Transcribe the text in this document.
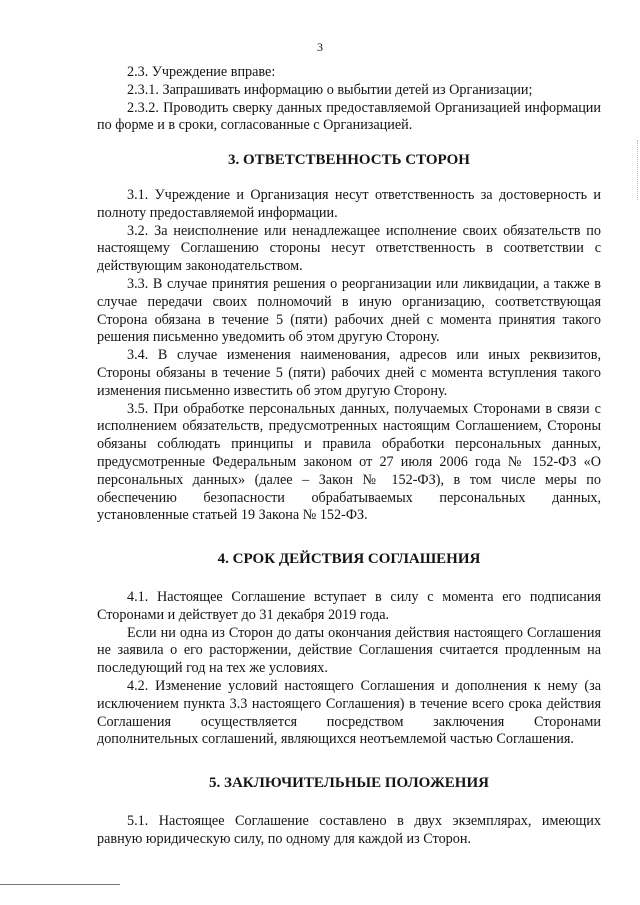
3

2.3. Учреждение вправе:

2.3.1. Запрашивать информацию о выбытии детей из Организации;

2.3.2. Проводить сверку данных предоставляемой Организацией информации по форме и в сроки, согласованные с Организацией.

3. ОТВЕТСТВЕННОСТЬ СТОРОН

3.1. Учреждение и Организация несут ответственность за достоверность и полноту предоставляемой информации.

3.2. За неисполнение или ненадлежащее исполнение своих обязательств по настоящему Соглашению стороны несут ответственность в соответствии с действующим законодательством.

3.3. В случае принятия решения о реорганизации или ликвидации, а также в случае передачи своих полномочий в иную организацию, соответствующая Сторона обязана в течение 5 (пяти) рабочих дней с момента принятия такого решения письменно уведомить об этом другую Сторону.

3.4. В случае изменения наименования, адресов или иных реквизитов, Стороны обязаны в течение 5 (пяти) рабочих дней с момента вступления такого изменения письменно известить об этом другую Сторону.

3.5. При обработке персональных данных, получаемых Сторонами в связи с исполнением обязательств, предусмотренных настоящим Соглашением, Стороны обязаны соблюдать принципы и правила обработки персональных данных, предусмотренные Федеральным законом от 27 июля 2006 года № 152-ФЗ «О персональных данных» (далее – Закон № 152-ФЗ), в том числе меры по обеспечению безопасности обрабатываемых персональных данных, установленные статьей 19 Закона № 152-ФЗ.

4. СРОК ДЕЙСТВИЯ СОГЛАШЕНИЯ

4.1. Настоящее Соглашение вступает в силу с момента его подписания Сторонами и действует до 31 декабря 2019 года.

Если ни одна из Сторон до даты окончания действия настоящего Соглашения не заявила о его расторжении, действие Соглашения считается продленным на последующий год на тех же условиях.

4.2. Изменение условий настоящего Соглашения и дополнения к нему (за исключением пункта 3.3 настоящего Соглашения) в течение всего срока действия Соглашения осуществляется посредством заключения Сторонами дополнительных соглашений, являющихся неотъемлемой частью Соглашения.

5. ЗАКЛЮЧИТЕЛЬНЫЕ ПОЛОЖЕНИЯ

5.1. Настоящее Соглашение составлено в двух экземплярах, имеющих равную юридическую силу, по одному для каждой из Сторон.
